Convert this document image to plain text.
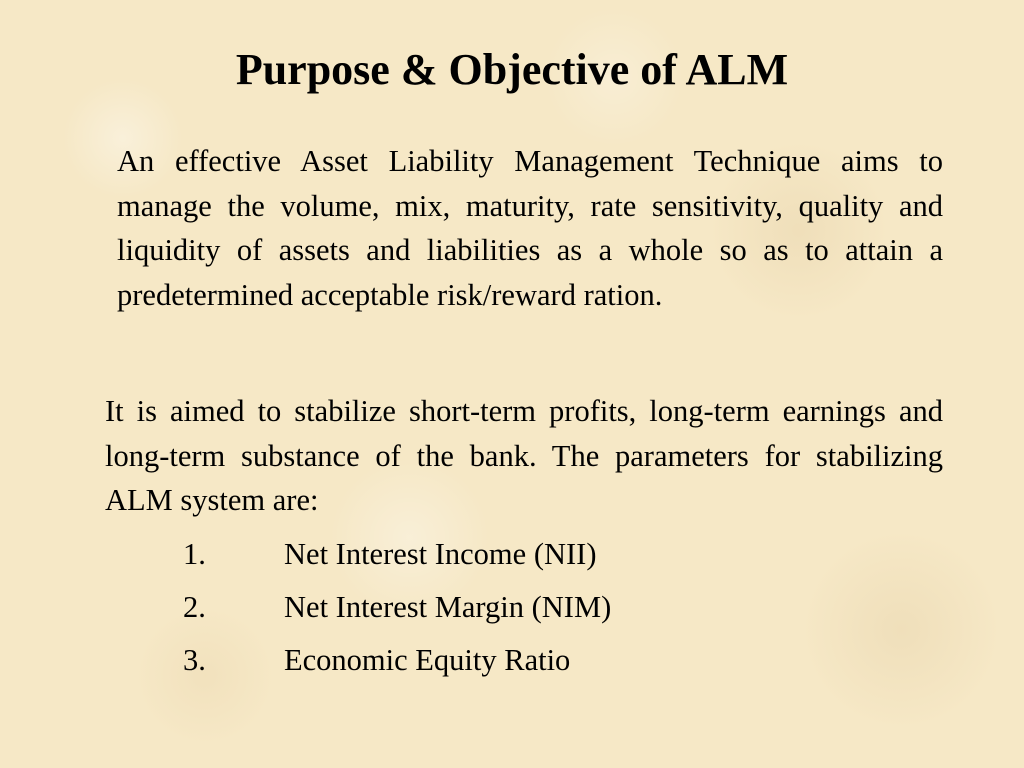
Purpose & Objective of ALM

An effective Asset Liability Management Technique aims to manage the volume, mix, maturity, rate sensitivity, quality and liquidity of assets and liabilities as a whole so as to attain a predetermined acceptable risk/reward ration.

It is aimed to stabilize short-term profits, long-term earnings and long-term substance of the bank. The parameters for stabilizing ALM system are:

1.	Net Interest Income (NII)
2.	Net Interest Margin (NIM)
3.	Economic Equity Ratio
